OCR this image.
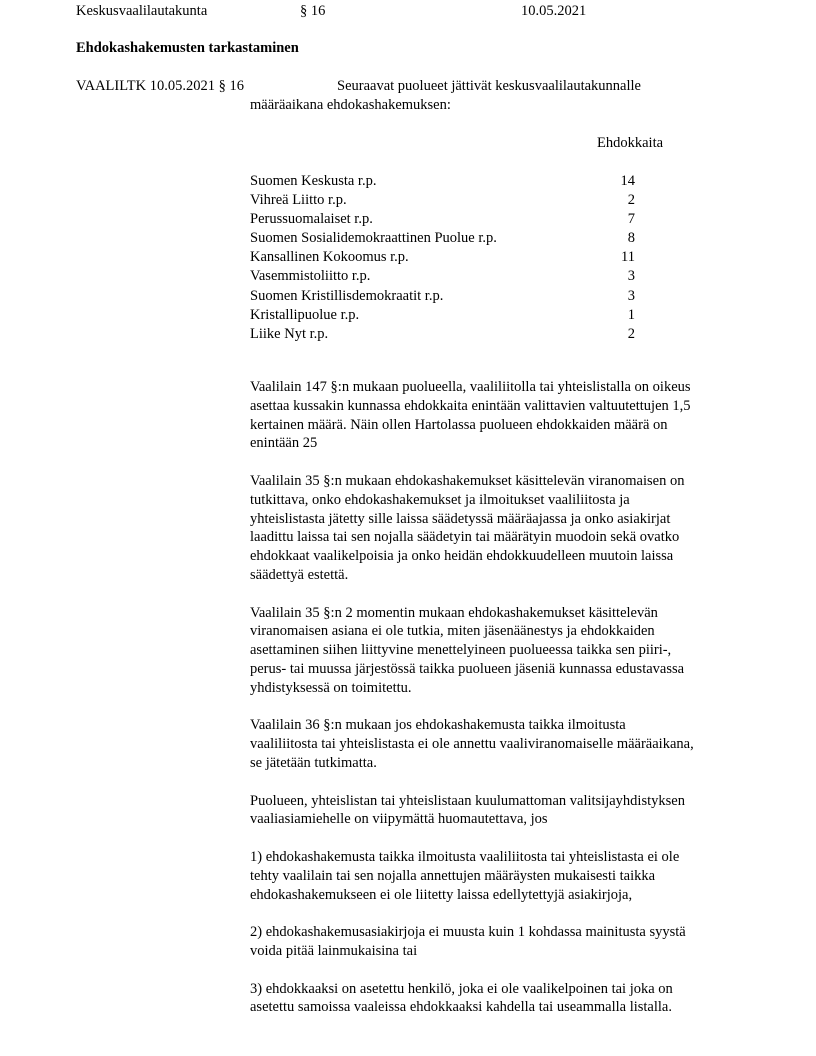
Keskusvaalilautakunta	§ 16	10.05.2021
Ehdokashakemusten tarkastaminen
VAALILTK 10.05.2021 § 16	Seuraavat puolueet jättivät keskusvaalilautakunnalle
määräaikana ehdokashakemuksen:
Ehdokkaita
Suomen Keskusta r.p.	14
Vihreä Liitto r.p.	2
Perussuomalaiset r.p.	7
Suomen Sosialidemokraattinen Puolue r.p.	8
Kansallinen Kokoomus r.p.	11
Vasemmistoliitto r.p.	3
Suomen Kristillisdemokraatit r.p.	3
Kristallipuolue r.p.	1
Liike Nyt r.p.	2

Vaalilain 147 §:n mukaan puolueella, vaaliliitolla tai yhteislistalla on oikeus
asettaa kussakin kunnassa ehdokkaita enintään valittavien valtuutettujen 1,5
kertainen määrä. Näin ollen Hartolassa puolueen ehdokkaiden määrä on
enintään 25

Vaalilain 35 §:n mukaan ehdokashakemukset käsittelevän viranomaisen on
tutkittava, onko ehdokashakemukset ja ilmoitukset vaaliliitosta ja
yhteislistasta jätetty sille laissa säädetyssä määräajassa ja onko asiakirjat
laadittu laissa tai sen nojalla säädetyin tai määrätyin muodoin sekä ovatko
ehdokkaat vaalikelpoisia ja onko heidän ehdokkuudelleen muutoin laissa
säädettyä estettä.

Vaalilain 35 §:n 2 momentin mukaan ehdokashakemukset käsittelevän
viranomaisen asiana ei ole tutkia, miten jäsenäänestys ja ehdokkaiden
asettaminen siihen liittyvine menettelyineen puolueessa taikka sen piiri-,
perus- tai muussa järjestössä taikka puolueen jäseniä kunnassa edustavassa
yhdistyksessä on toimitettu.

Vaalilain 36 §:n mukaan jos ehdokashakemusta taikka ilmoitusta
vaaliliitosta tai yhteislistasta ei ole annettu vaaliviranomaiselle määräaikana,
se jätetään tutkimatta.

Puolueen, yhteislistan tai yhteislistaan kuulumattoman valitsijayhdistyksen
vaaliasiamiehelle on viipymättä huomautettava, jos

1) ehdokashakemusta taikka ilmoitusta vaaliliitosta tai yhteislistasta ei ole
tehty vaalilain tai sen nojalla annettujen määräysten mukaisesti taikka
ehdokashakemukseen ei ole liitetty laissa edellytettyjä asiakirjoja,

2) ehdokashakemusasiakirjoja ei muusta kuin 1 kohdassa mainitusta syystä
voida pitää lainmukaisina tai

3) ehdokkaaksi on asetettu henkilö, joka ei ole vaalikelpoinen tai joka on
asetettu samoissa vaaleissa ehdokkaaksi kahdella tai useammalla listalla.
